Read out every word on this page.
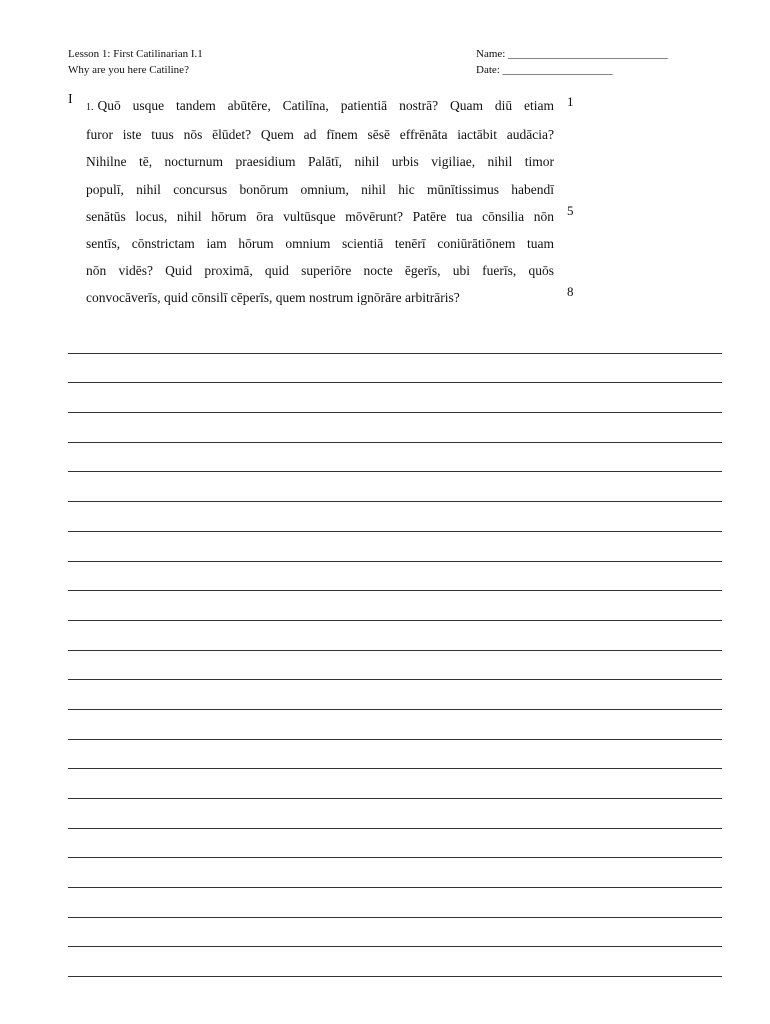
Lesson 1: First Catilinarian I.1
Why are you here Catiline?
Name: _____________________________
Date: ____________________
I
1. Quō usque tandem abūtēre, Catilīna, patientiā nostrā? Quam diū etiam
furor iste tuus nōs ēlūdet? Quem ad fīnem sēsē effrēnāta iactābit audācia?
Nihilne tē, nocturnum praesidium Palātī, nihil urbis vigiliae, nihil timor
populī, nihil concursus bonōrum omnium, nihil hic mūnītissimus habendī
senātūs locus, nihil hōrum ōra vultūsque mōvērunt? Patēre tua cōnsilia nōn
sentīs, cōnstrictam iam hōrum omnium scientiā tenērī coniūrātiōnem tuam
nōn vidēs? Quid proximā, quid superiōre nocte ēgerīs, ubi fuerīs, quōs
convocāverīs, quid cōnsilī cēperīs, quem nostrum ignōrāre arbitrāris?
1
5
8
